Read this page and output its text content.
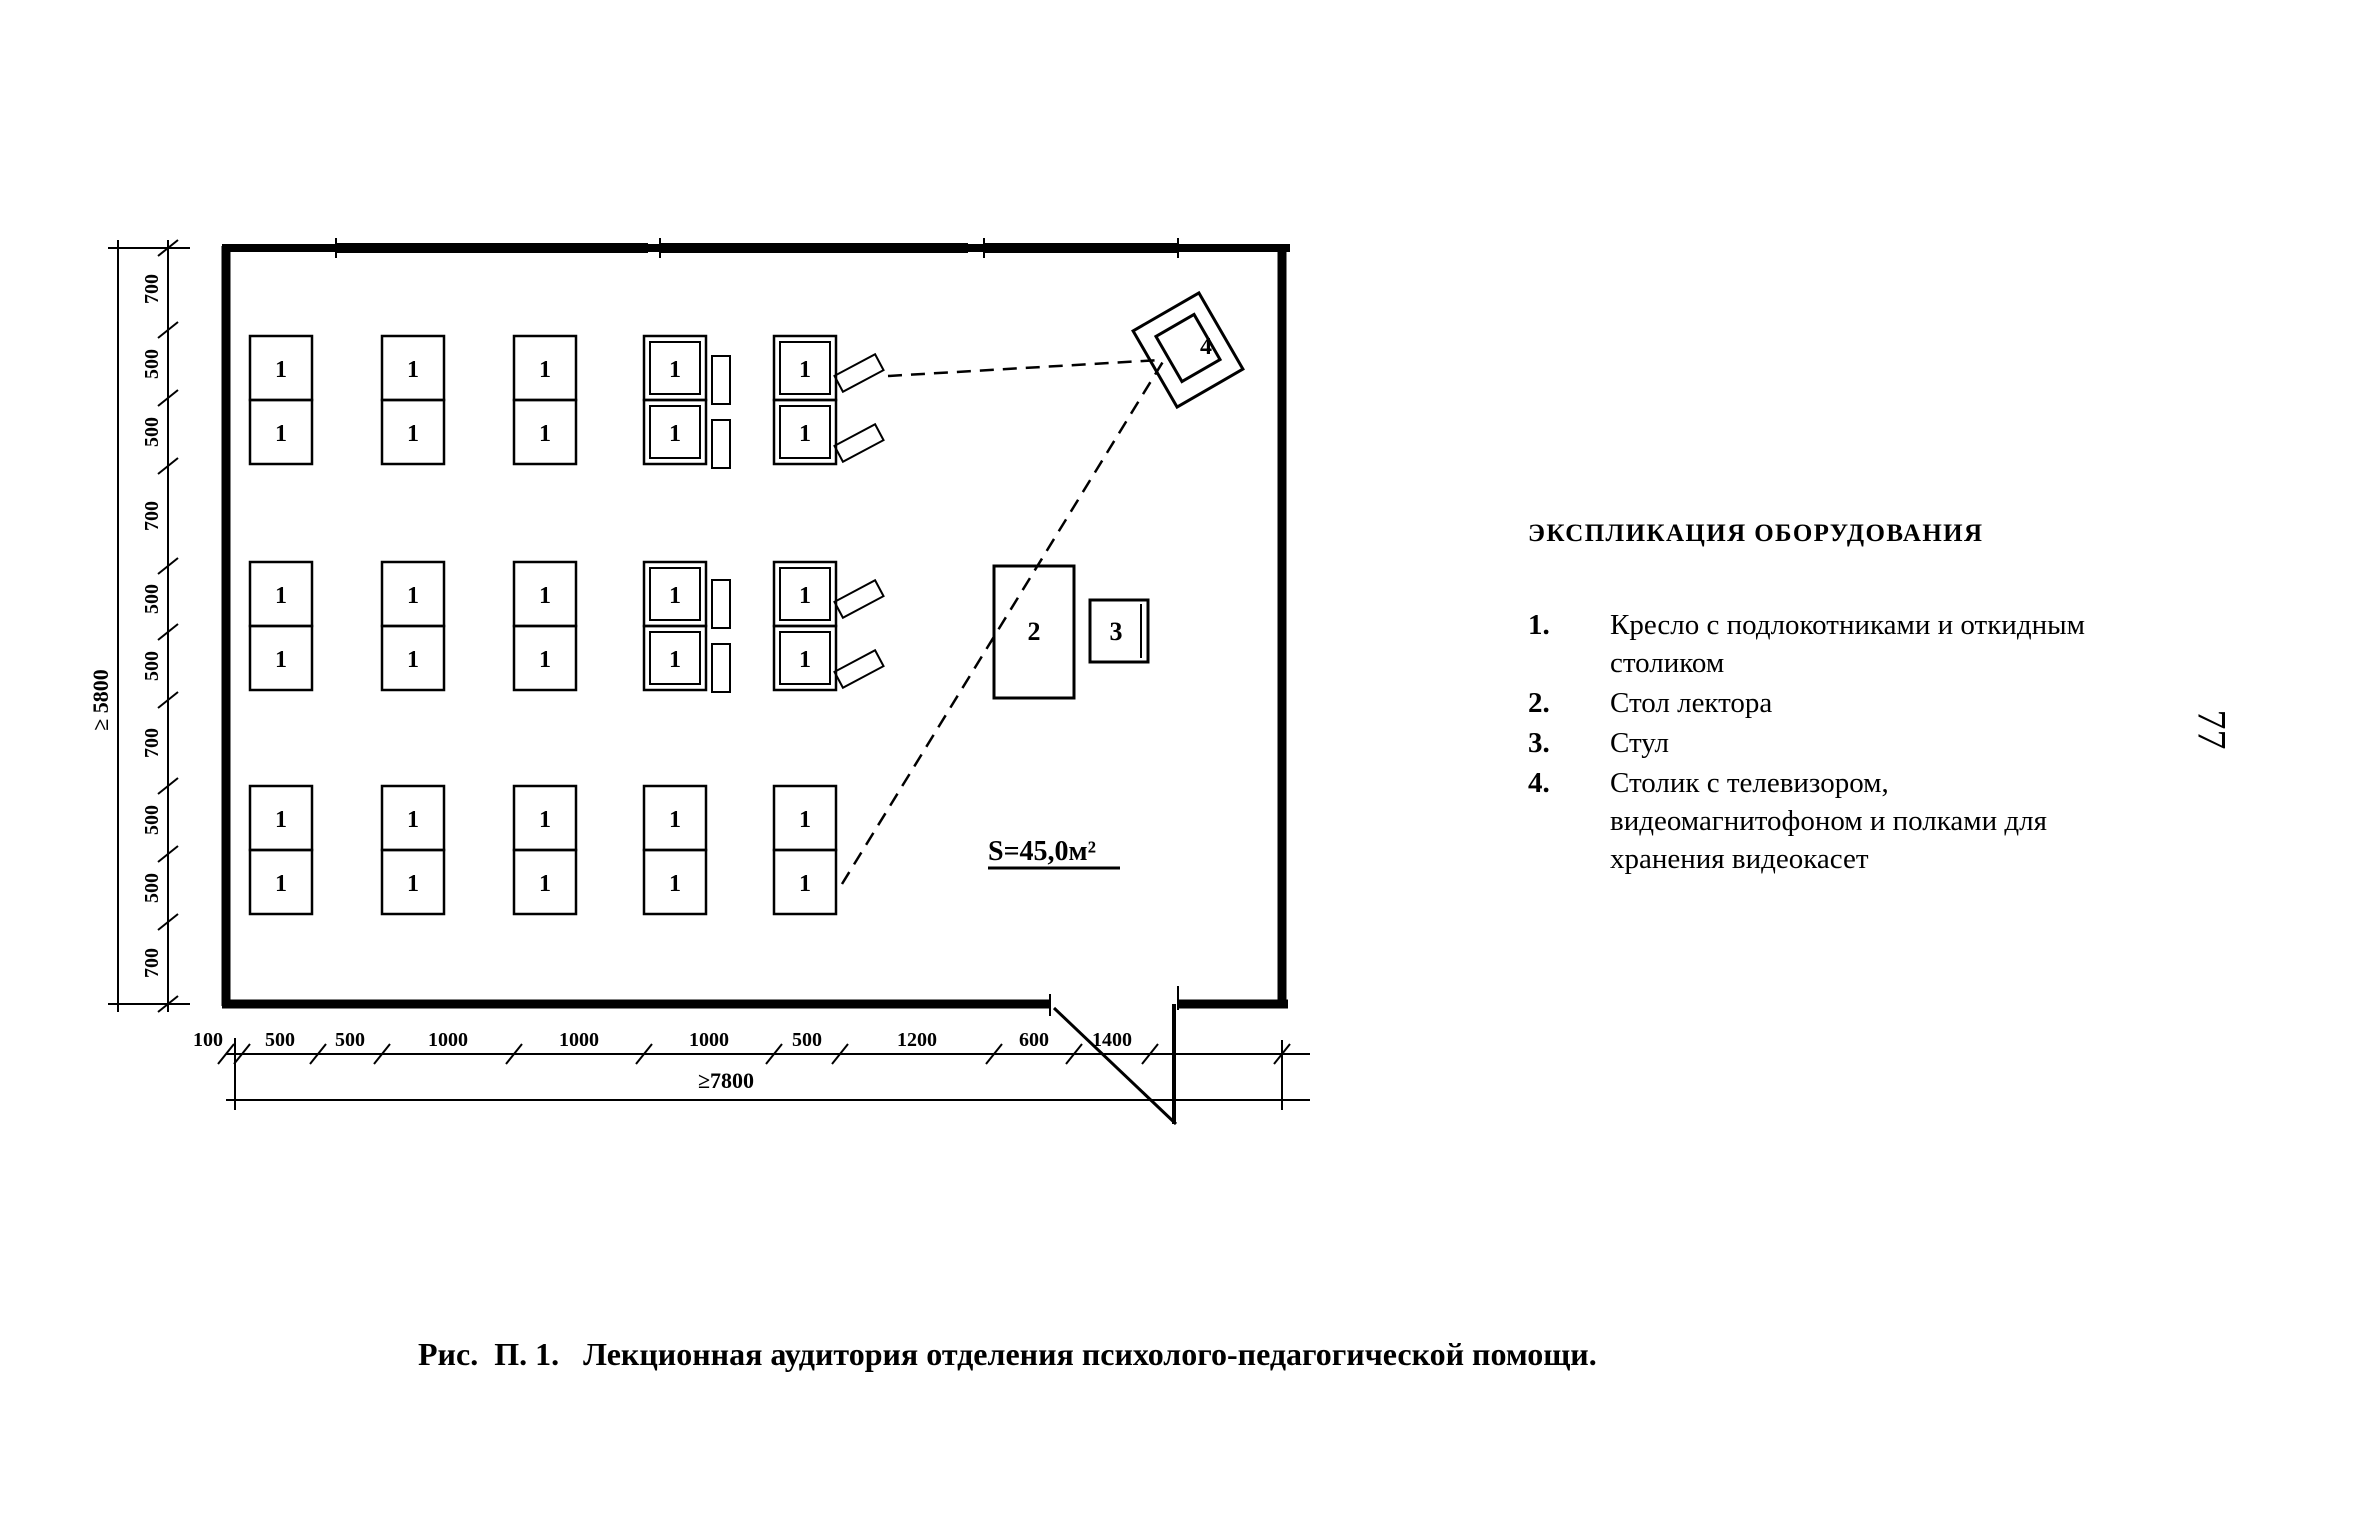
1
1
1
1
1
1
1
1
1
1
1
1
1
1
1
1
1
1
1
1
1
1
1
1
1
1
1
1
1
1
2	3
4
S=45,0м²
700
500
500
700
500
500
700
500
500
700
≥ 5800
100 500 500	1000	1000	1000	500	1200	600 1400
≥7800
ЭКСПЛИКАЦИЯ ОБОРУДОВАНИЯ
1.	Кресло с подлокотниками и откидным столиком
2.	Стол лектора
3.	Стул
4.	Столик с телевизором, видеомагнитофоном и полками для хранения видеокасет
77
Рис.  П. 1.   Лекционная аудитория отделения психолого-педагогической помощи.
